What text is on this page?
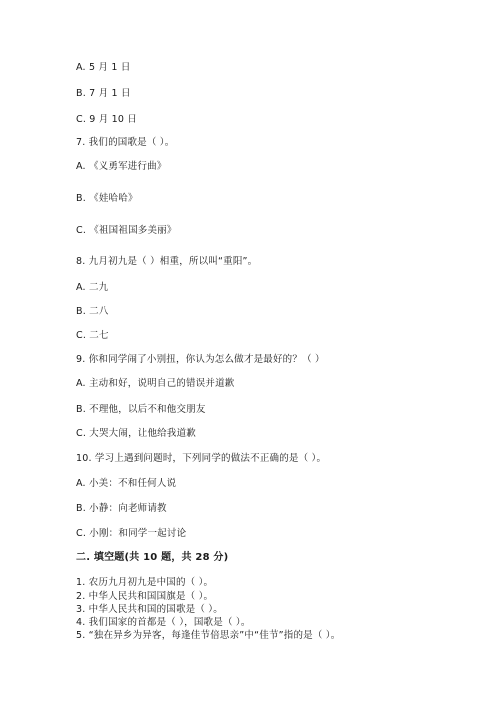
A. 5 月 1 日
B. 7 月 1 日
C. 9 月 10 日
7. 我们的国歌是（ ）。
A. 《义勇军进行曲》
B. 《娃哈哈》
C. 《祖国祖国多美丽》
8. 九月初九是（ ）相重，所以叫“重阳”。
A. 二九
B. 二八
C. 二七
9. 你和同学闹了小别扭，你认为怎么做才是最好的？（ ）
A. 主动和好，说明自己的错误并道歉
B. 不理他，以后不和他交朋友
C. 大哭大闹，让他给我道歉
10. 学习上遇到问题时，下列同学的做法不正确的是（ ）。
A. 小美：不和任何人说
B. 小静：向老师请教
C. 小刚：和同学一起讨论
二. 填空题(共 10 题，共 28 分)
1. 农历九月初九是中国的（ ）。
2. 中华人民共和国国旗是（ ）。
3. 中华人民共和国的国歌是（ ）。
4. 我们国家的首都是（ ），国歌是（ ）。
5. “独在异乡为异客，每逢佳节倍思亲”中“佳节”指的是（ ）。
